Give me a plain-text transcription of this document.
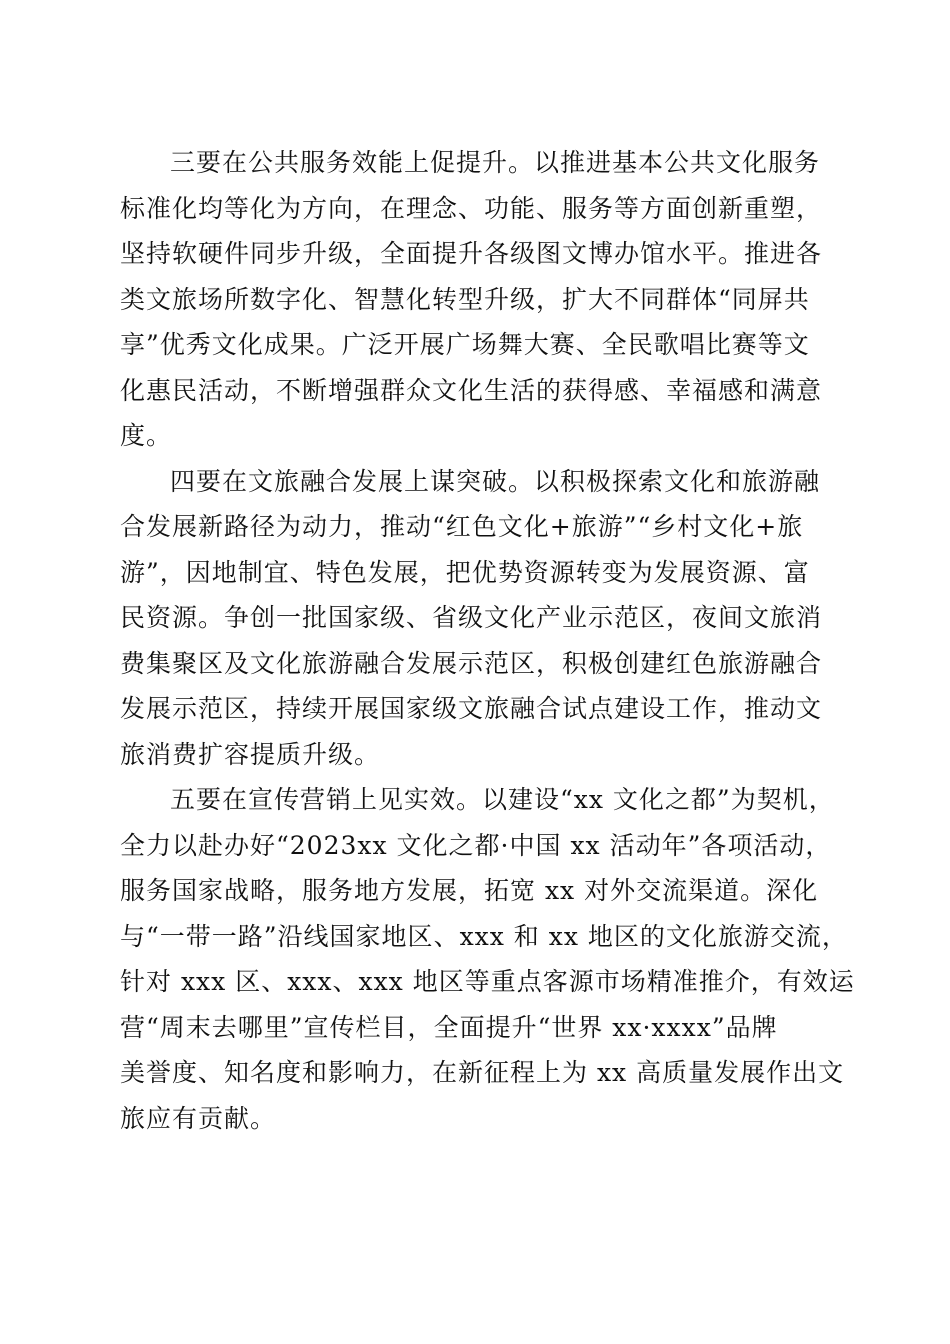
三要在公共服务效能上促提升。以推进基本公共文化服务
标准化均等化为方向，在理念、功能、服务等方面创新重塑，
坚持软硬件同步升级，全面提升各级图文博办馆水平。推进各
类文旅场所数字化、智慧化转型升级，扩大不同群体“同屏共
享”优秀文化成果。广泛开展广场舞大赛、全民歌唱比赛等文
化惠民活动，不断增强群众文化生活的获得感、幸福感和满意
度。
四要在文旅融合发展上谋突破。以积极探索文化和旅游融
合发展新路径为动力，推动“红色文化+旅游”“乡村文化+旅
游”，因地制宜、特色发展，把优势资源转变为发展资源、富
民资源。争创一批国家级、省级文化产业示范区，夜间文旅消
费集聚区及文化旅游融合发展示范区，积极创建红色旅游融合
发展示范区，持续开展国家级文旅融合试点建设工作，推动文
旅消费扩容提质升级。
五要在宣传营销上见实效。以建设“xx 文化之都”为契机，
全力以赴办好“2023xx 文化之都·中国 xx 活动年”各项活动，
服务国家战略，服务地方发展，拓宽 xx 对外交流渠道。深化
与“一带一路”沿线国家地区、xxx 和 xx 地区的文化旅游交流，
针对 xxx 区、xxx、xxx 地区等重点客源市场精准推介，有效运
营“周末去哪里”宣传栏目，全面提升“世界 xx·xxxx”品牌
美誉度、知名度和影响力，在新征程上为 xx 高质量发展作出文
旅应有贡献。
